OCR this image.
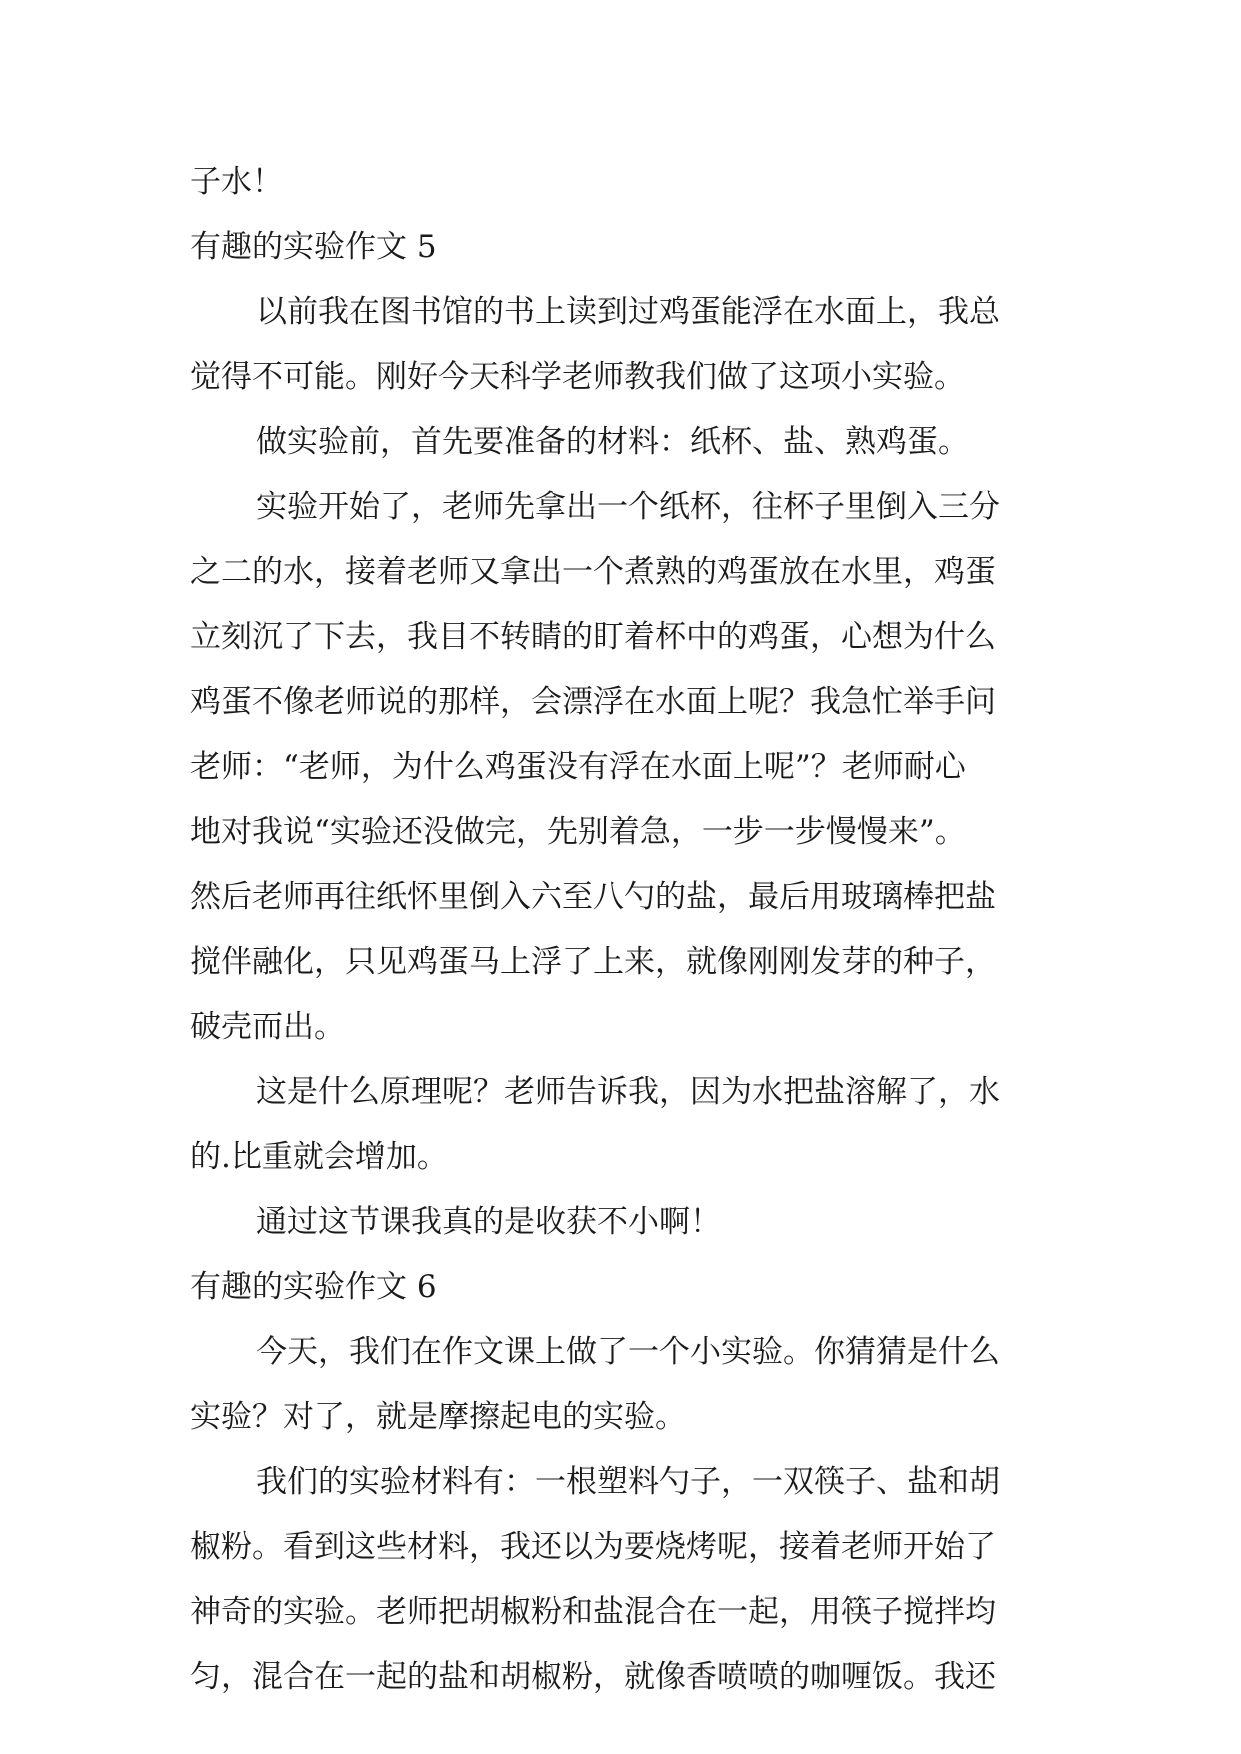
子水！
有趣的实验作文 5
以前我在图书馆的书上读到过鸡蛋能浮在水面上，我总
觉得不可能。刚好今天科学老师教我们做了这项小实验。
做实验前，首先要准备的材料：纸杯、盐、熟鸡蛋。
实验开始了，老师先拿出一个纸杯，往杯子里倒入三分
之二的水，接着老师又拿出一个煮熟的鸡蛋放在水里，鸡蛋
立刻沉了下去，我目不转睛的盯着杯中的鸡蛋，心想为什么
鸡蛋不像老师说的那样，会漂浮在水面上呢？我急忙举手问
老师：“老师，为什么鸡蛋没有浮在水面上呢”？老师耐心
地对我说“实验还没做完，先别着急，一步一步慢慢来”。
然后老师再往纸怀里倒入六至八勺的盐，最后用玻璃棒把盐
搅伴融化，只见鸡蛋马上浮了上来，就像刚刚发芽的种子，
破壳而出。
这是什么原理呢？老师告诉我，因为水把盐溶解了，水
的.比重就会增加。
通过这节课我真的是收获不小啊！
有趣的实验作文 6
今天，我们在作文课上做了一个小实验。你猜猜是什么
实验？对了，就是摩擦起电的实验。
我们的实验材料有：一根塑料勺子，一双筷子、盐和胡
椒粉。看到这些材料，我还以为要烧烤呢，接着老师开始了
神奇的实验。老师把胡椒粉和盐混合在一起，用筷子搅拌均
匀，混合在一起的盐和胡椒粉，就像香喷喷的咖喱饭。我还
